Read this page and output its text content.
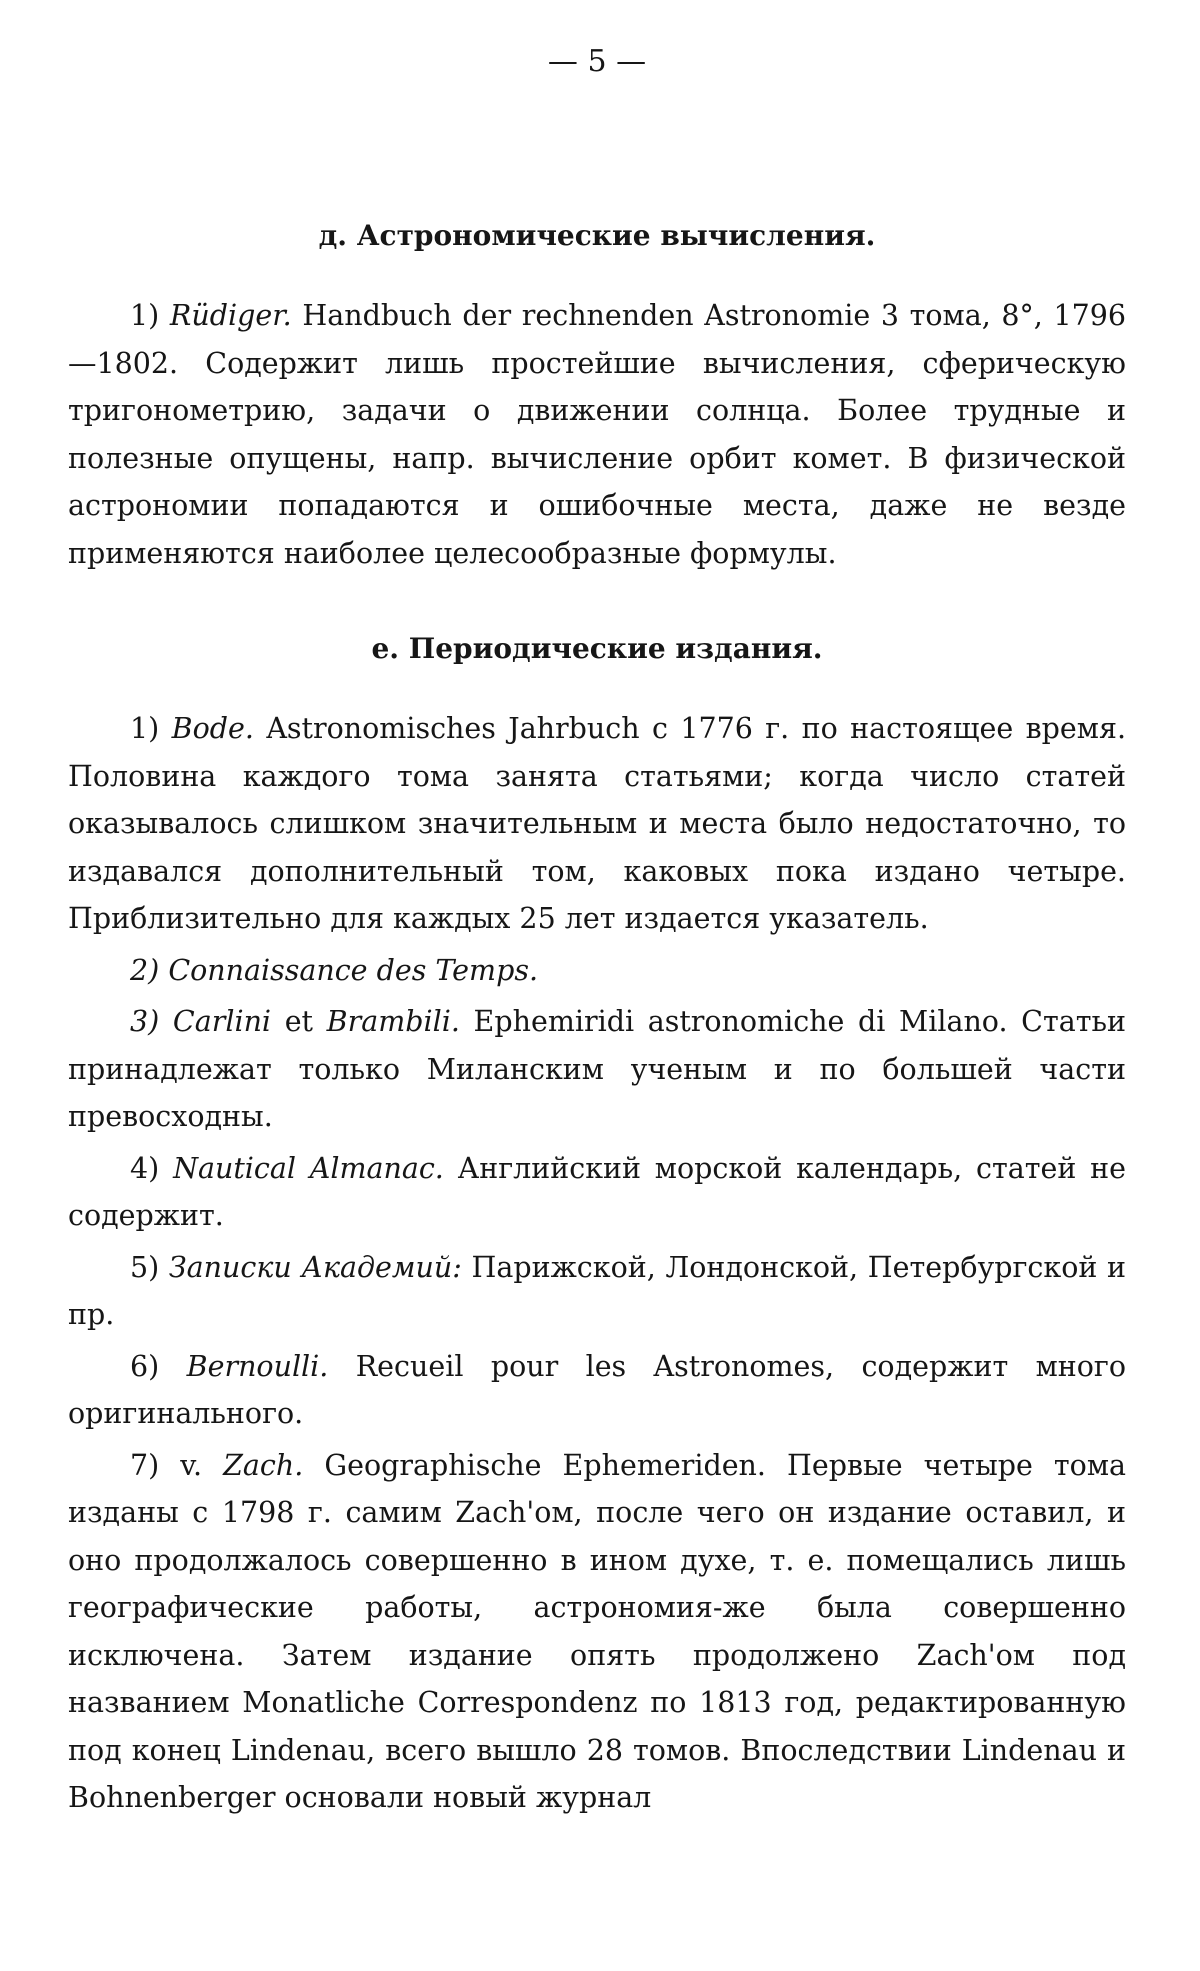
— 5 —
д. Астрономические вычисления.

1) Rüdiger. Handbuch der rechnenden Astronomie 3 тома, 8°, 1796—1802. Содержит лишь простейшие вычисления, сферическую тригонометрию, задачи о движении солнца. Более трудные и полезные опущены, напр. вычисление орбит комет. В физической астрономии попадаются и ошибочные места, даже не везде применяются наиболее целесообразные формулы.

е. Периодические издания.

1) Bode. Astronomisches Jahrbuch с 1776 г. по настоящее время. Половина каждого тома занята статьями; когда число статей оказывалось слишком значительным и места было недостаточно, то издавался дополнительный том, каковых пока издано четыре. Приблизительно для каждых 25 лет издается указатель.

2) Connaissance des Temps.

3) Carlini et Brambili. Ephemiridi astronomiche di Milano. Статьи принадлежат только Миланским ученым и по большей части превосходны.

4) Nautical Almanac. Английский морской календарь, статей не содержит.

5) Записки Академий: Парижской, Лондонской, Петербургской и пр.

6) Bernoulli. Recueil pour les Astronomes, содержит много оригинального.

7) v. Zach. Geographische Ephemeriden. Первые четыре тома изданы с 1798 г. самим Zach'ом, после чего он издание оставил, и оно продолжалось совершенно в ином духе, т. е. помещались лишь географические работы, астрономия-же была совершенно исключена. Затем издание опять продолжено Zach'ом под названием Monatliche Correspondenz по 1813 год, редактированную под конец Lindenau, всего вышло 28 томов. Впоследствии Lindenau и Bohnenberger основали новый журнал
